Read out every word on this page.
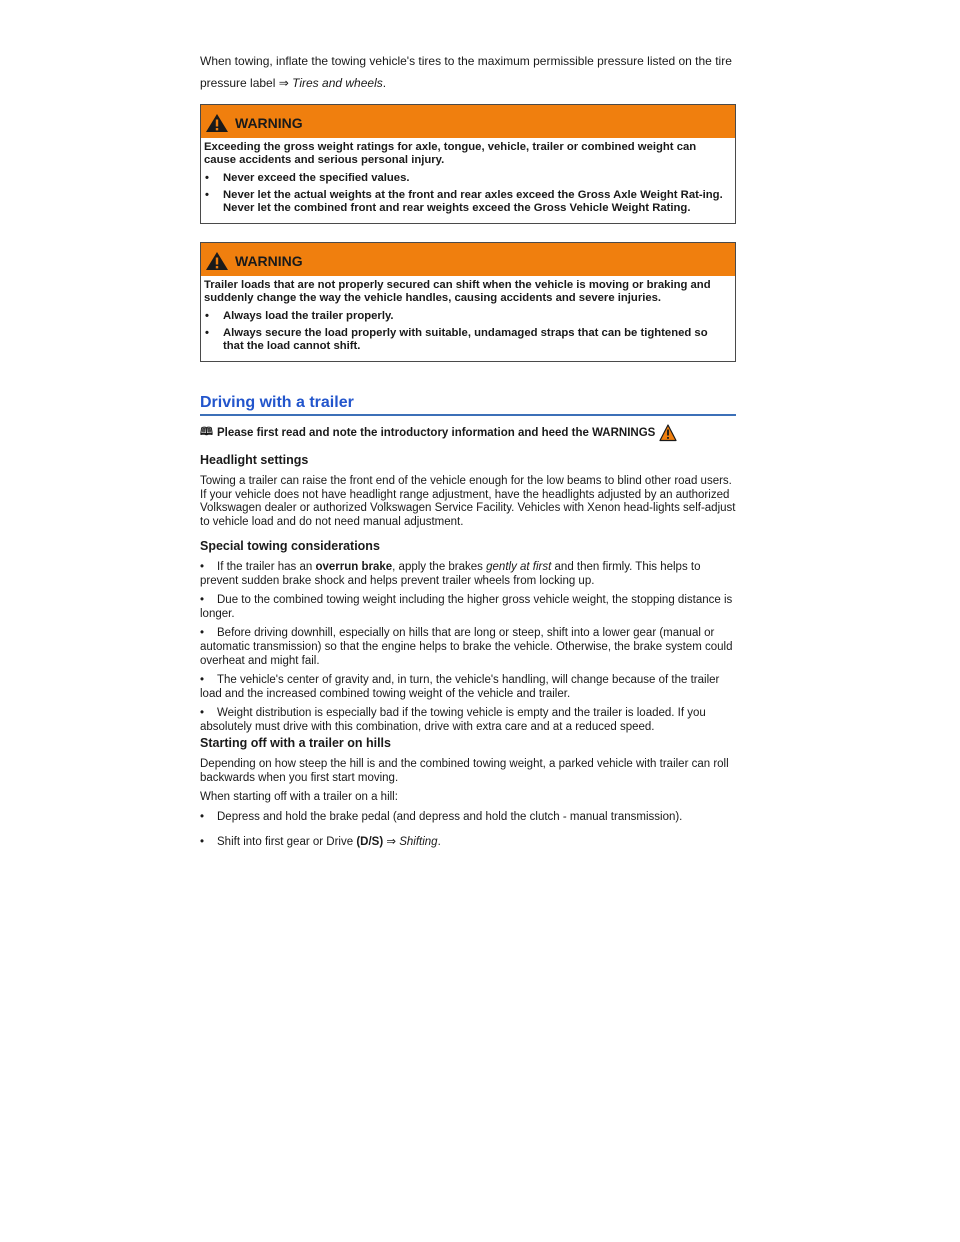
When towing, inflate the towing vehicle's tires to the maximum permissible pressure listed on the tire pressure label ⇒ Tires and wheels.
WARNING

Exceeding the gross weight ratings for axle, tongue, vehicle, trailer or combined weight can cause accidents and serious personal injury.

•	Never exceed the specified values.
•	Never let the actual weights at the front and rear axles exceed the Gross Axle Weight Rat-ing. Never let the combined front and rear weights exceed the Gross Vehicle Weight Rating.
WARNING

Trailer loads that are not properly secured can shift when the vehicle is moving or braking and suddenly change the way the vehicle handles, causing accidents and severe injuries.

•	Always load the trailer properly.
•	Always secure the load properly with suitable, undamaged straps that can be tightened so that the load cannot shift.
Driving with a trailer
🕮 Please first read and note the introductory information and heed the WARNINGS
Headlight settings

Towing a trailer can raise the front end of the vehicle enough for the low beams to blind other road users. If your vehicle does not have headlight range adjustment, have the headlights adjusted by an authorized Volkswagen dealer or authorized Volkswagen Service Facility. Vehicles with Xenon head-lights self-adjust to vehicle load and do not need manual adjustment.

Special towing considerations
• If the trailer has an overrun brake, apply the brakes gently at first and then firmly. This helps to prevent sudden brake shock and helps prevent trailer wheels from locking up.
• Due to the combined towing weight including the higher gross vehicle weight, the stopping distance is longer.
• Before driving downhill, especially on hills that are long or steep, shift into a lower gear (manual or automatic transmission) so that the engine helps to brake the vehicle. Otherwise, the brake system could overheat and might fail.
• The vehicle's center of gravity and, in turn, the vehicle's handling, will change because of the trailer load and the increased combined towing weight of the vehicle and trailer.
• Weight distribution is especially bad if the towing vehicle is empty and the trailer is loaded. If you absolutely must drive with this combination, drive with extra care and at a reduced speed.
Starting off with a trailer on hills

Depending on how steep the hill is and the combined towing weight, a parked vehicle with trailer can roll backwards when you first start moving.

When starting off with a trailer on a hill:

• Depress and hold the brake pedal (and depress and hold the clutch - manual transmission).
• Shift into first gear or Drive (D/S) ⇒ Shifting.
